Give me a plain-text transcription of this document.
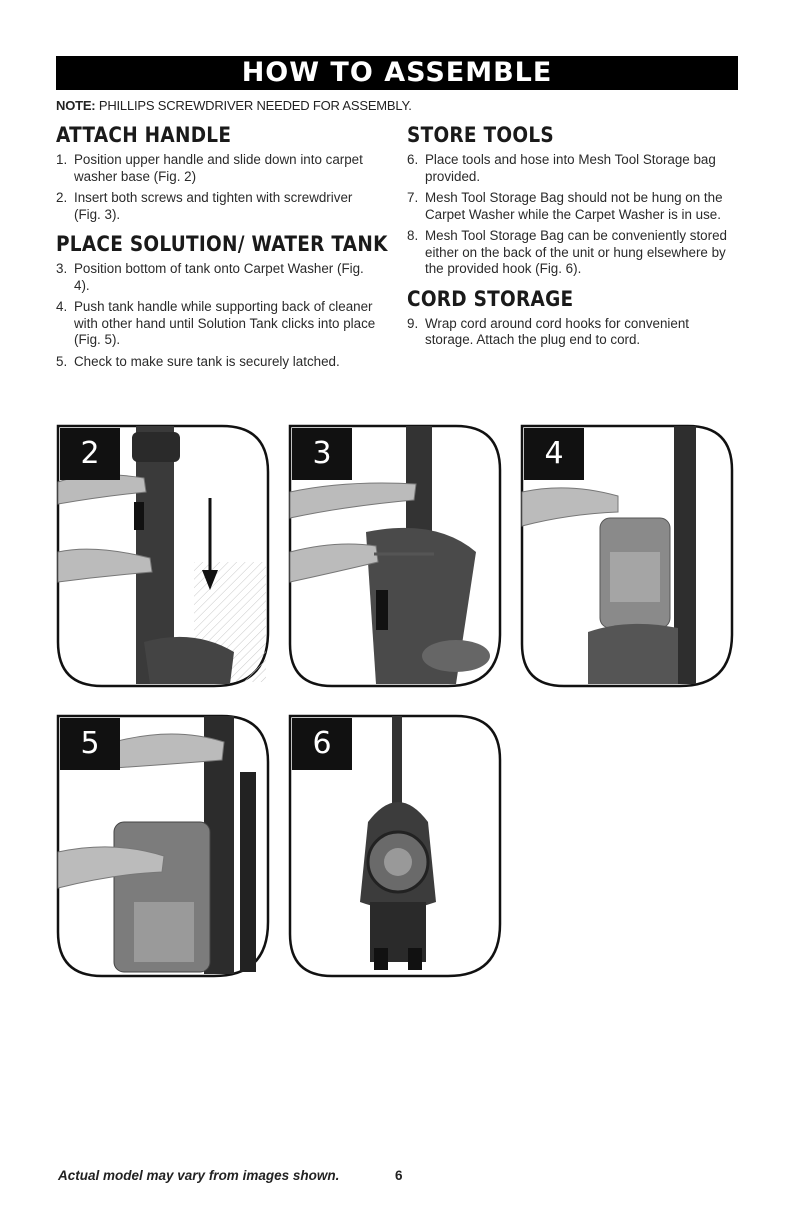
HOW TO ASSEMBLE
NOTE: PHILLIPS SCREWDRIVER NEEDED FOR ASSEMBLY.
ATTACH HANDLE
1. Position upper handle and slide down into carpet washer base (Fig. 2)
2. Insert both screws and tighten with screwdriver (Fig. 3).
PLACE SOLUTION/ WATER TANK
3. Position bottom of tank onto Carpet Washer (Fig. 4).
4. Push tank handle while supporting back of cleaner with other hand until Solution Tank clicks into place (Fig. 5).
5. Check to make sure tank is securely latched.
STORE TOOLS
6. Place tools and hose into Mesh Tool Storage bag provided.
7. Mesh Tool Storage Bag should not be hung on the Carpet Washer while the Carpet Washer is in use.
8. Mesh Tool Storage Bag can be conveniently stored either on the back of the unit or hung elsewhere by the provided hook (Fig. 6).
CORD STORAGE
9. Wrap cord around cord hooks for convenient storage. Attach the plug end to cord.
2	3	4
5	6
Actual model may vary from images shown.	6
